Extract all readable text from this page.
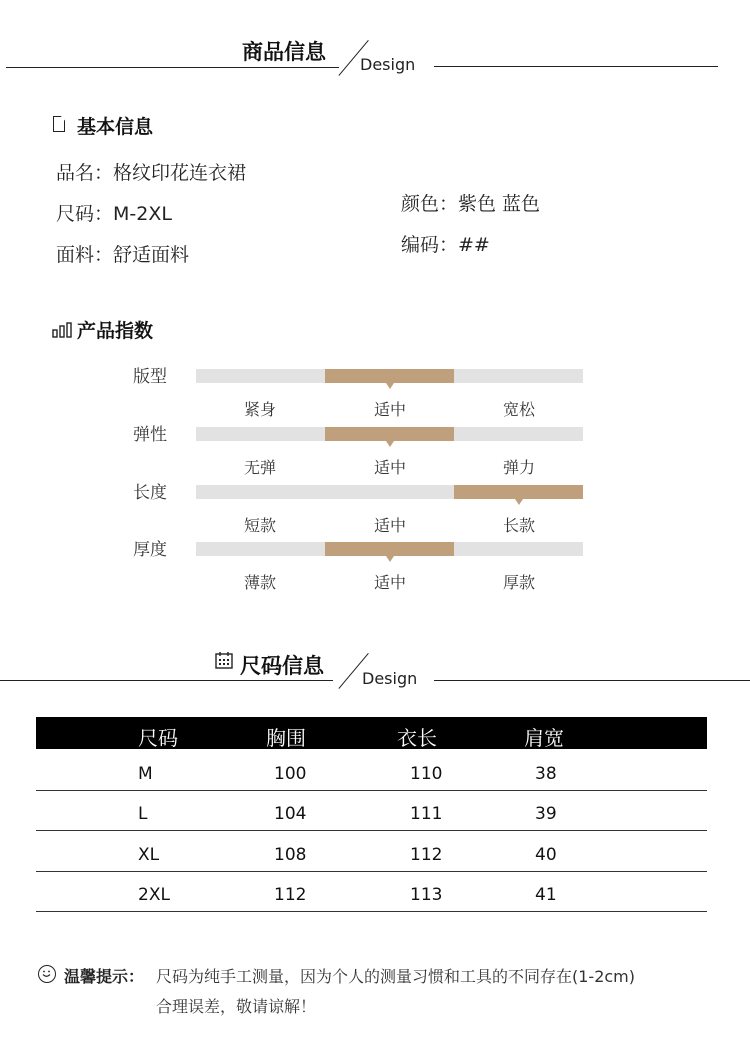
商品信息
Design
基本信息
品名：格纹印花连衣裙
尺码：M-2XL
面料：舒适面料
颜色：紫色 蓝色
编码：##
产品指数
版型
紧身	适中	宽松
弹性
无弹	适中	弹力
长度
短款	适中	长款
厚度
薄款	适中	厚款
尺码信息
Design
尺码	胸围	衣长	肩宽
M	100	110	38
L	104	111	39
XL	108	112	40
2XL	112	113	41
温馨提示： 尺码为纯手工测量，因为个人的测量习惯和工具的不同存在(1-2cm)
合理误差，敬请谅解！
